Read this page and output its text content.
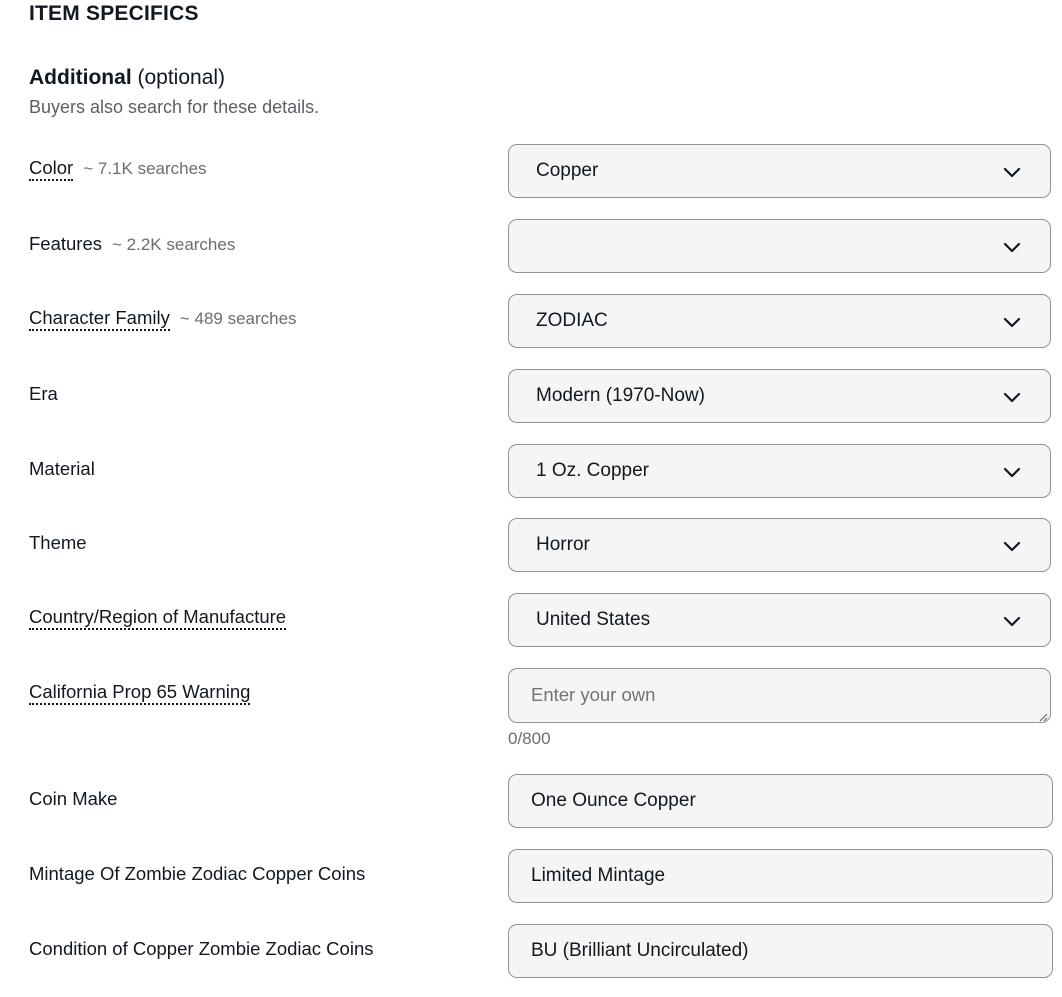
ITEM SPECIFICS
Additional (optional)
Buyers also search for these details.
Color ~ 7.1K searches	Copper
Features ~ 2.2K searches
Character Family ~ 489 searches	ZODIAC
Era	Modern (1970-Now)
Material	1 Oz. Copper
Theme	Horror
Country/Region of Manufacture	United States
California Prop 65 Warning	Enter your own
0/800
Coin Make	One Ounce Copper
Mintage Of Zombie Zodiac Copper Coins	Limited Mintage
Condition of Copper Zombie Zodiac Coins	BU (Brilliant Uncirculated)
